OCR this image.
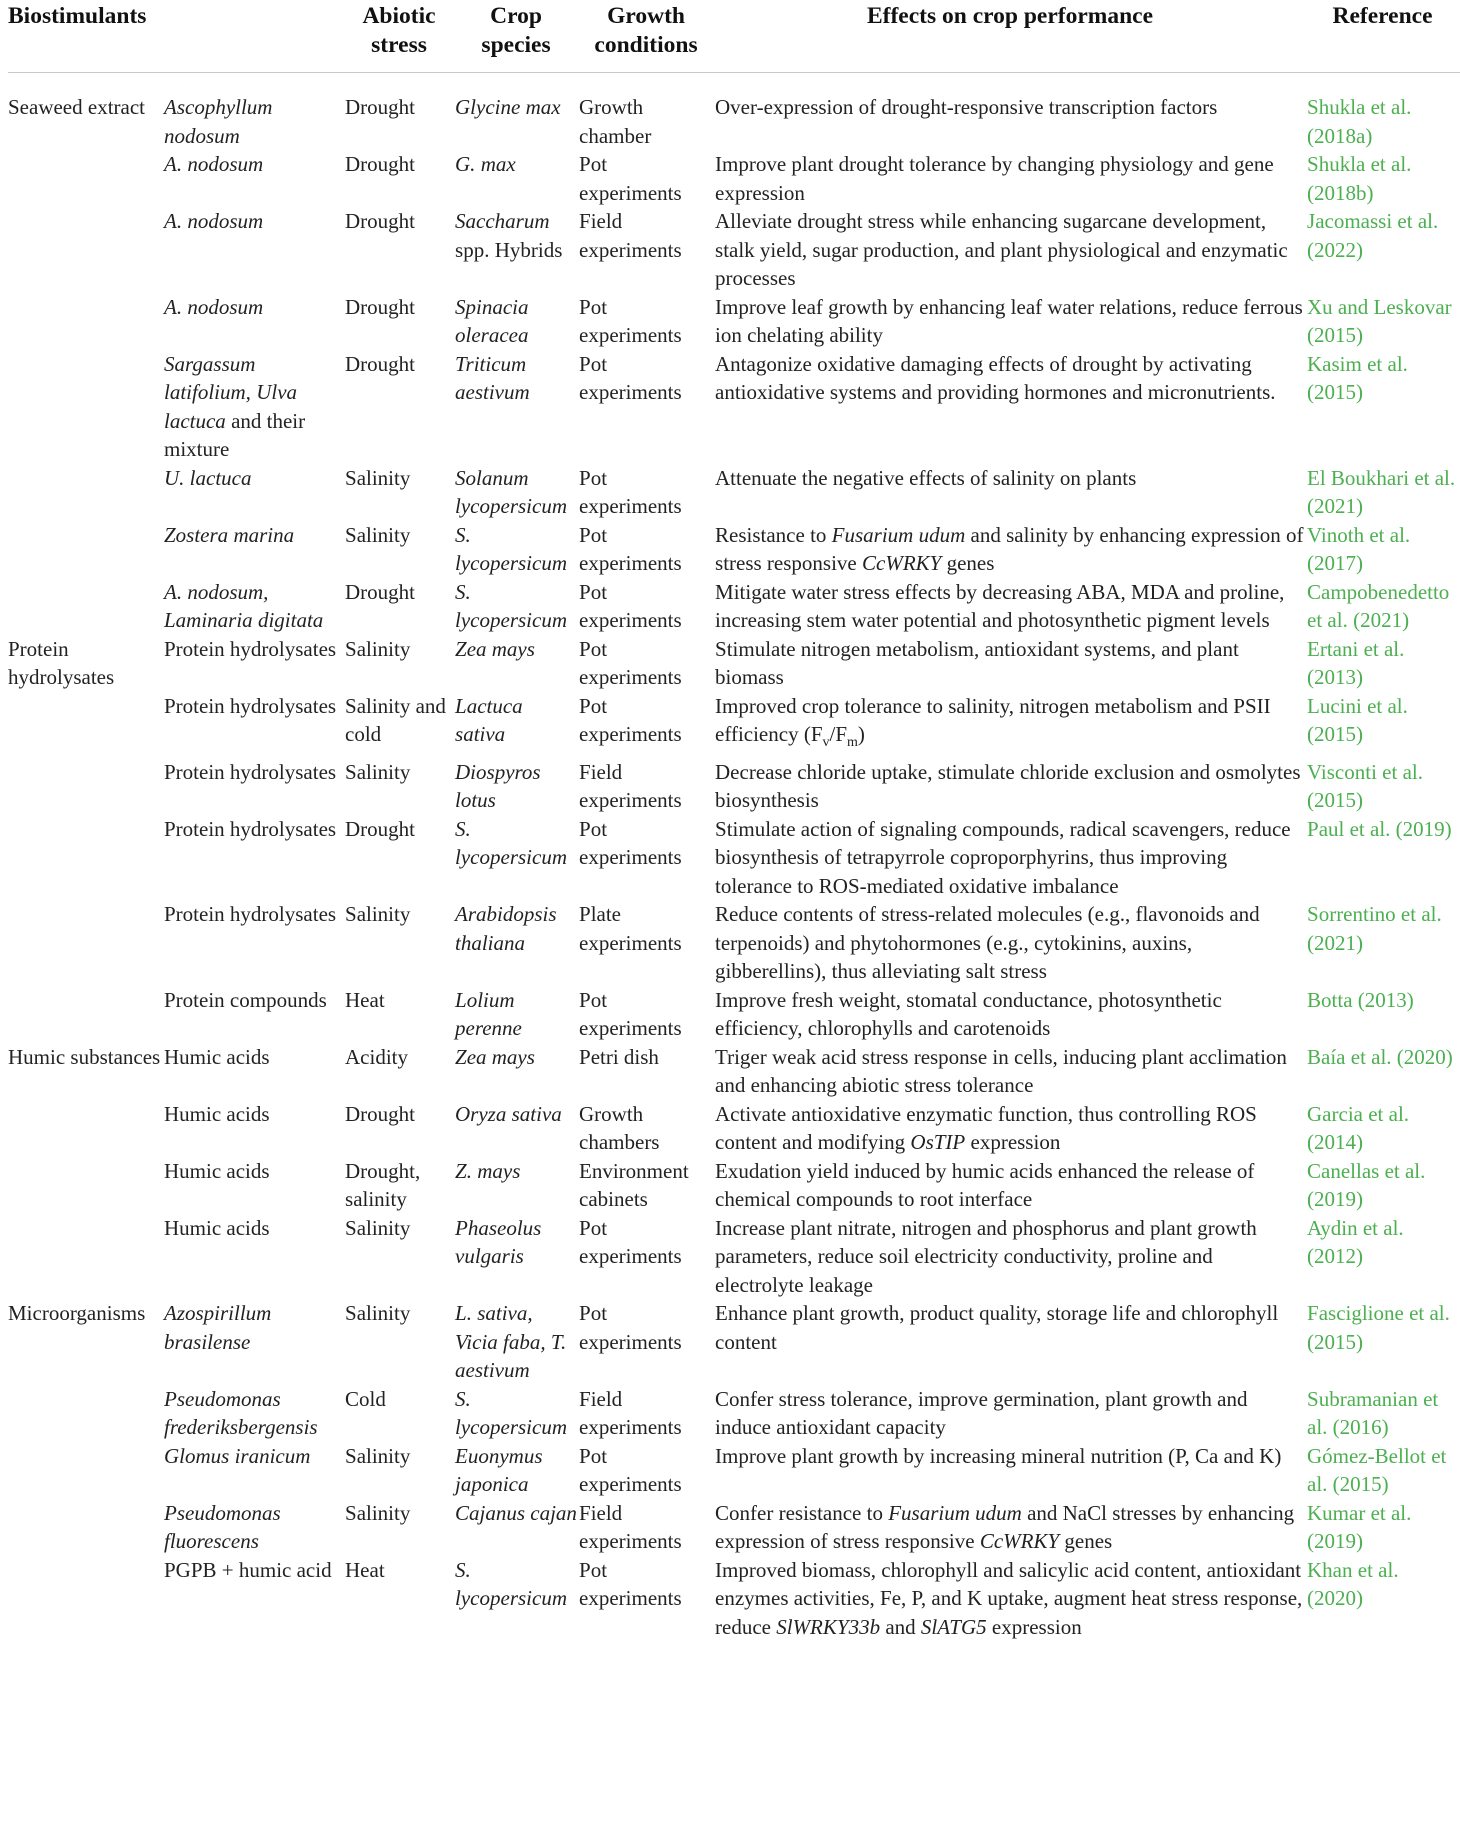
Biostimulants		Abiotic stress	Crop species	Growth conditions	Effects on crop performance	Reference
Seaweed extract	Ascophyllum nodosum	Drought	Glycine max	Growth chamber	Over-expression of drought-responsive transcription factors	Shukla et al. (2018a)
	A. nodosum	Drought	G. max	Pot experiments	Improve plant drought tolerance by changing physiology and gene expression	Shukla et al. (2018b)
	A. nodosum	Drought	Saccharum spp. Hybrids	Field experiments	Alleviate drought stress while enhancing sugarcane development, stalk yield, sugar production, and plant physiological and enzymatic processes	Jacomassi et al. (2022)
	A. nodosum	Drought	Spinacia oleracea	Pot experiments	Improve leaf growth by enhancing leaf water relations, reduce ferrous ion chelating ability	Xu and Leskovar (2015)
	Sargassum latifolium, Ulva lactuca and their mixture	Drought	Triticum aestivum	Pot experiments	Antagonize oxidative damaging effects of drought by activating antioxidative systems and providing hormones and micronutrients.	Kasim et al. (2015)
	U. lactuca	Salinity	Solanum lycopersicum	Pot experiments	Attenuate the negative effects of salinity on plants	El Boukhari et al. (2021)
	Zostera marina	Salinity	S. lycopersicum	Pot experiments	Resistance to Fusarium udum and salinity by enhancing expression of stress responsive CcWRKY genes	Vinoth et al. (2017)
	A. nodosum, Laminaria digitata	Drought	S. lycopersicum	Pot experiments	Mitigate water stress effects by decreasing ABA, MDA and proline, increasing stem water potential and photosynthetic pigment levels	Campobenedetto et al. (2021)
Protein hydrolysates	Protein hydrolysates	Salinity	Zea mays	Pot experiments	Stimulate nitrogen metabolism, antioxidant systems, and plant biomass	Ertani et al. (2013)
	Protein hydrolysates	Salinity and cold	Lactuca sativa	Pot experiments	Improved crop tolerance to salinity, nitrogen metabolism and PSII efficiency $(F_v/F_m)$	Lucini et al. (2015)
	Protein hydrolysates	Salinity	Diospyros lotus	Field experiments	Decrease chloride uptake, stimulate chloride exclusion and osmolytes biosynthesis	Visconti et al. (2015)
	Protein hydrolysates	Drought	S. lycopersicum	Pot experiments	Stimulate action of signaling compounds, radical scavengers, reduce biosynthesis of tetrapyrrole coproporphyrins, thus improving tolerance to ROS-mediated oxidative imbalance	Paul et al. (2019)
	Protein hydrolysates	Salinity	Arabidopsis thaliana	Plate experiments	Reduce contents of stress-related molecules (e.g., flavonoids and terpenoids) and phytohormones (e.g., cytokinins, auxins, gibberellins), thus alleviating salt stress	Sorrentino et al. (2021)
	Protein compounds	Heat	Lolium perenne	Pot experiments	Improve fresh weight, stomatal conductance, photosynthetic efficiency, chlorophylls and carotenoids	Botta (2013)
Humic substances	Humic acids	Acidity	Zea mays	Petri dish	Triger weak acid stress response in cells, inducing plant acclimation and enhancing abiotic stress tolerance	Baía et al. (2020)
	Humic acids	Drought	Oryza sativa	Growth chambers	Activate antioxidative enzymatic function, thus controlling ROS content and modifying OsTIP expression	Garcia et al. (2014)
	Humic acids	Drought, salinity	Z. mays	Environment cabinets	Exudation yield induced by humic acids enhanced the release of chemical compounds to root interface	Canellas et al. (2019)
	Humic acids	Salinity	Phaseolus vulgaris	Pot experiments	Increase plant nitrate, nitrogen and phosphorus and plant growth parameters, reduce soil electricity conductivity, proline and electrolyte leakage	Aydin et al. (2012)
Microorganisms	Azospirillum brasilense	Salinity	L. sativa, Vicia faba, T. aestivum	Pot experiments	Enhance plant growth, product quality, storage life and chlorophyll content	Fasciglione et al. (2015)
	Pseudomonas frederiksbergensis	Cold	S. lycopersicum	Field experiments	Confer stress tolerance, improve germination, plant growth and induce antioxidant capacity	Subramanian et al. (2016)
	Glomus iranicum	Salinity	Euonymus japonica	Pot experiments	Improve plant growth by increasing mineral nutrition (P, Ca and K)	Gómez-Bellot et al. (2015)
	Pseudomonas fluorescens	Salinity	Cajanus cajan	Field experiments	Confer resistance to Fusarium udum and NaCl stresses by enhancing expression of stress responsive CcWRKY genes	Kumar et al. (2019)
	PGPB + humic acid	Heat	S. lycopersicum	Pot experiments	Improved biomass, chlorophyll and salicylic acid content, antioxidant enzymes activities, Fe, P, and K uptake, augment heat stress response, reduce SlWRKY33b and SlATG5 expression	Khan et al. (2020)
